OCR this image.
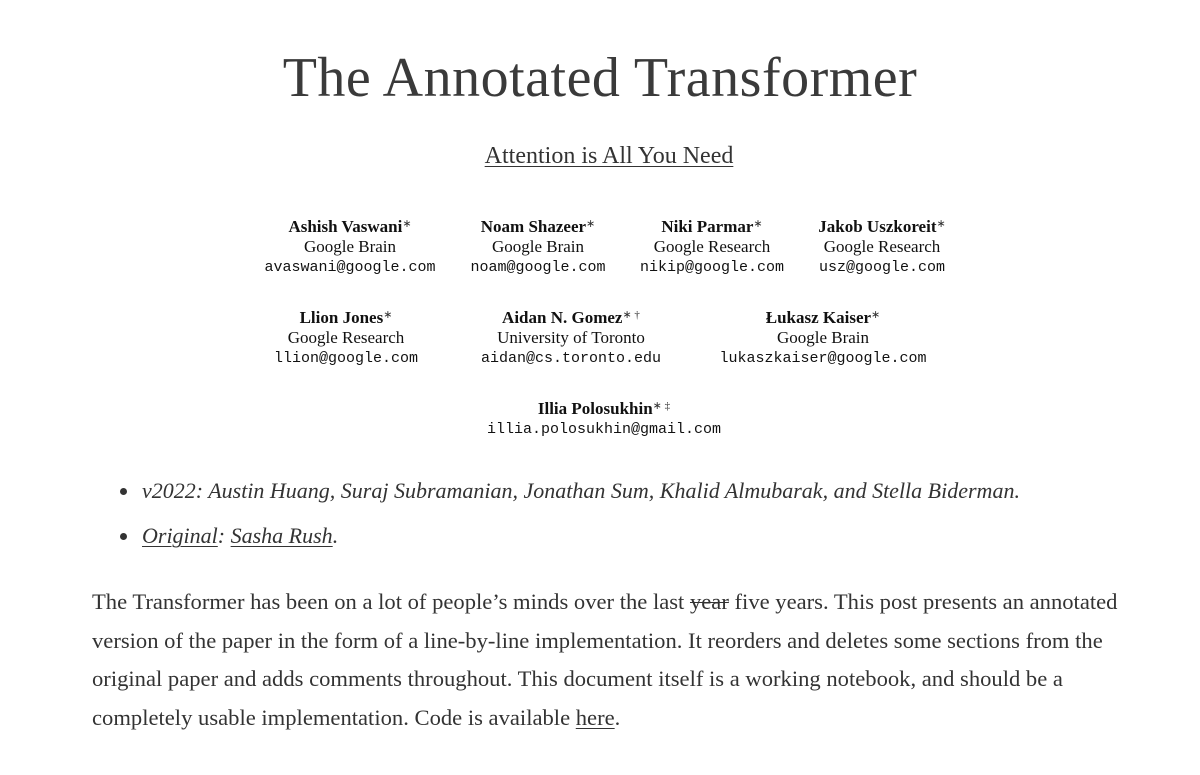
The Annotated Transformer
Attention is All You Need
Ashish Vaswani∗
Google Brain
avaswani@google.com
Noam Shazeer∗
Google Brain
noam@google.com
Niki Parmar∗
Google Research
nikip@google.com
Jakob Uszkoreit∗
Google Research
usz@google.com
Llion Jones∗
Google Research
llion@google.com
Aidan N. Gomez∗ †
University of Toronto
aidan@cs.toronto.edu
Łukasz Kaiser∗
Google Brain
lukaszkaiser@google.com
Illia Polosukhin∗ ‡
illia.polosukhin@gmail.com
v2022: Austin Huang, Suraj Subramanian, Jonathan Sum, Khalid Almubarak, and Stella Biderman.
Original: Sasha Rush.

The Transformer has been on a lot of people’s minds over the last year five years. This post presents an annotated version of the paper in the form of a line-by-line implementation. It reorders and deletes some sections from the original paper and adds comments throughout. This document itself is a working notebook, and should be a completely usable implementation. Code is available here.
